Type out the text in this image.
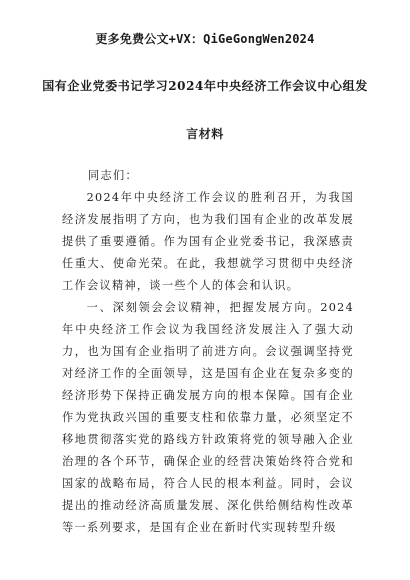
更多免费公文+VX：QiGeGongWen2024
国有企业党委书记学习2024年中央经济工作会议中心组发
言材料
同志们：

2024年中央经济工作会议的胜利召开，为我国经济发展指明了方向，也为我们国有企业的改革发展提供了重要遵循。作为国有企业党委书记，我深感责任重大、使命光荣。在此，我想就学习贯彻中央经济工作会议精神，谈一些个人的体会和认识。

一、深刻领会会议精神，把握发展方向。2024年中央经济工作会议为我国经济发展注入了强大动力，也为国有企业指明了前进方向。会议强调坚持党对经济工作的全面领导，这是国有企业在复杂多变的经济形势下保持正确发展方向的根本保障。国有企业作为党执政兴国的重要支柱和依靠力量，必须坚定不移地贯彻落实党的路线方针政策将党的领导融入企业治理的各个环节，确保企业的经营决策始终符合党和国家的战略布局，符合人民的根本利益。同时，会议提出的推动经济高质量发展、深化供给侧结构性改革等一系列要求，是国有企业在新时代实现转型升级
